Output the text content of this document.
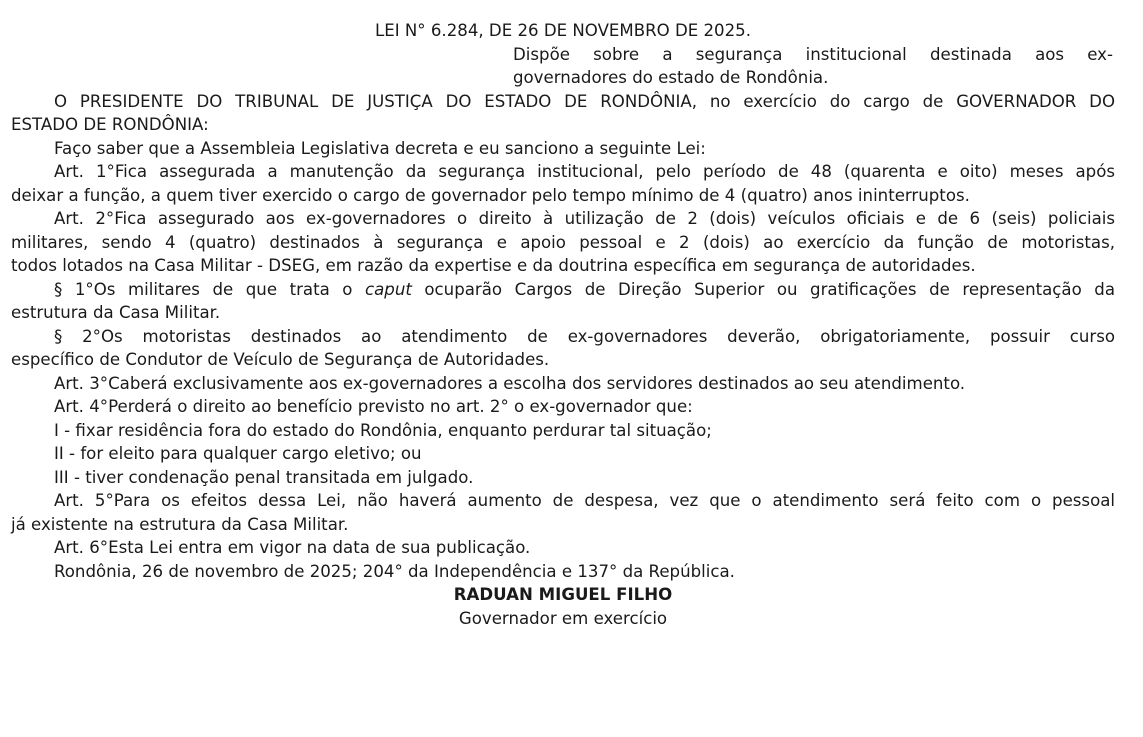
LEI N° 6.284, DE 26 DE NOVEMBRO DE 2025.
Dispõe sobre a segurança institucional destinada aos ex-
governadores do estado de Rondônia.
O PRESIDENTE DO TRIBUNAL DE JUSTIÇA DO ESTADO DE RONDÔNIA, no exercício do cargo de GOVERNADOR DO
ESTADO DE RONDÔNIA:
Faço saber que a Assembleia Legislativa decreta e eu sanciono a seguinte Lei:
Art. 1°Fica assegurada a manutenção da segurança institucional, pelo período de 48 (quarenta e oito) meses após
deixar a função, a quem tiver exercido o cargo de governador pelo tempo mínimo de 4 (quatro) anos ininterruptos.
Art. 2°Fica assegurado aos ex-governadores o direito à utilização de 2 (dois) veículos oficiais e de 6 (seis) policiais
militares, sendo 4 (quatro) destinados à segurança e apoio pessoal e 2 (dois) ao exercício da função de motoristas,
todos lotados na Casa Militar - DSEG, em razão da expertise e da doutrina específica em segurança de autoridades.
§ 1°Os militares de que trata o caput ocuparão Cargos de Direção Superior ou gratificações de representação da
estrutura da Casa Militar.
§ 2°Os motoristas destinados ao atendimento de ex-governadores deverão, obrigatoriamente, possuir curso
específico de Condutor de Veículo de Segurança de Autoridades.
Art. 3°Caberá exclusivamente aos ex-governadores a escolha dos servidores destinados ao seu atendimento.
Art. 4°Perderá o direito ao benefício previsto no art. 2° o ex-governador que:
I - fixar residência fora do estado do Rondônia, enquanto perdurar tal situação;
II - for eleito para qualquer cargo eletivo; ou
III - tiver condenação penal transitada em julgado.
Art. 5°Para os efeitos dessa Lei, não haverá aumento de despesa, vez que o atendimento será feito com o pessoal
já existente na estrutura da Casa Militar.
Art. 6°Esta Lei entra em vigor na data de sua publicação.
Rondônia, 26 de novembro de 2025; 204° da Independência e 137° da República.
RADUAN MIGUEL FILHO
Governador em exercício
